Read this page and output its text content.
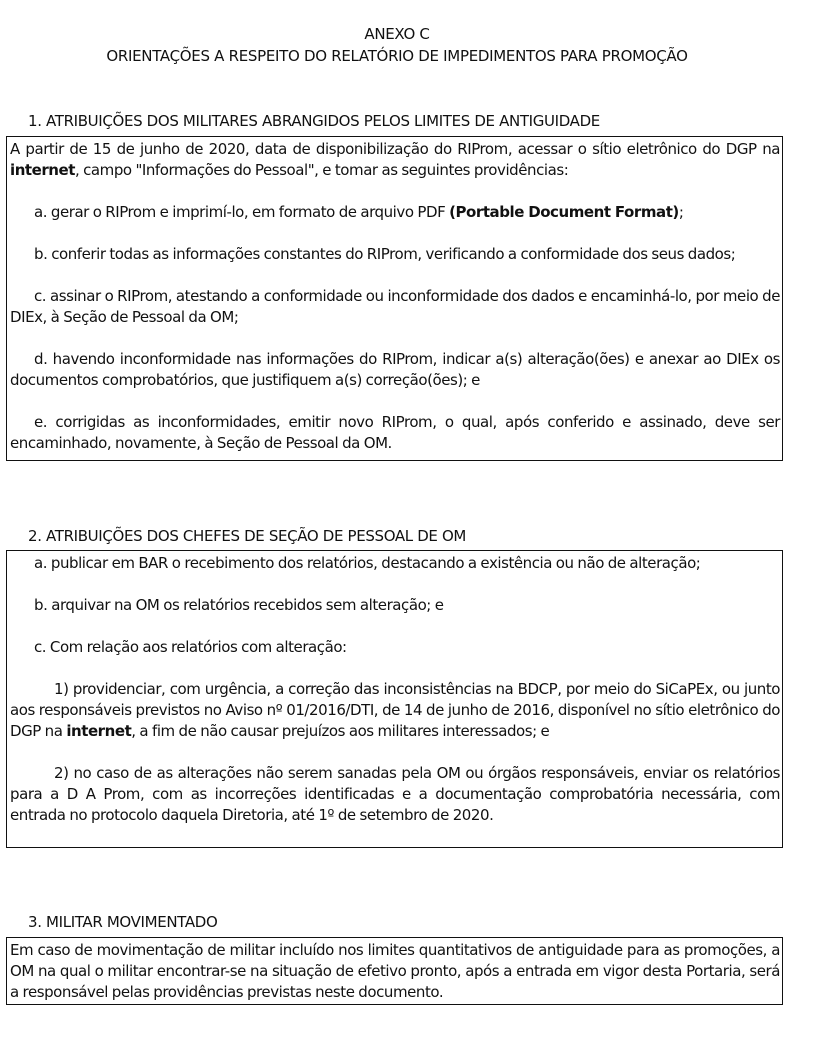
ANEXO C
ORIENTAÇÕES A RESPEITO DO RELATÓRIO DE IMPEDIMENTOS PARA PROMOÇÃO
1. ATRIBUIÇÕES DOS MILITARES ABRANGIDOS PELOS LIMITES DE ANTIGUIDADE

A partir de 15 de junho de 2020, data de disponibilização do RIProm, acessar o sítio eletrônico do DGP na internet, campo "Informações do Pessoal", e tomar as seguintes providências:

a. gerar o RIProm e imprimí-lo, em formato de arquivo PDF (Portable Document Format);

b. conferir todas as informações constantes do RIProm, verificando a conformidade dos seus dados;

c. assinar o RIProm, atestando a conformidade ou inconformidade dos dados e encaminhá-lo, por meio de DIEx, à Seção de Pessoal da OM;

d. havendo inconformidade nas informações do RIProm, indicar a(s) alteração(ões) e anexar ao DIEx os documentos comprobatórios, que justifiquem a(s) correção(ões); e

e. corrigidas as inconformidades, emitir novo RIProm, o qual, após conferido e assinado, deve ser encaminhado, novamente, à Seção de Pessoal da OM.

2. ATRIBUIÇÕES DOS CHEFES DE SEÇÃO DE PESSOAL DE OM

a. publicar em BAR o recebimento dos relatórios, destacando a existência ou não de alteração;

b. arquivar na OM os relatórios recebidos sem alteração; e

c. Com relação aos relatórios com alteração:

1) providenciar, com urgência, a correção das inconsistências na BDCP, por meio do SiCaPEx, ou junto aos responsáveis previstos no Aviso nº 01/2016/DTI, de 14 de junho de 2016, disponível no sítio eletrônico do DGP na internet, a fim de não causar prejuízos aos militares interessados; e

2) no caso de as alterações não serem sanadas pela OM ou órgãos responsáveis, enviar os relatórios para a D A Prom, com as incorreções identificadas e a documentação comprobatória necessária, com entrada no protocolo daquela Diretoria, até 1º de setembro de 2020.

3. MILITAR MOVIMENTADO

Em caso de movimentação de militar incluído nos limites quantitativos de antiguidade para as promoções, a OM na qual o militar encontrar-se na situação de efetivo pronto, após a entrada em vigor desta Portaria, será a responsável pelas providências previstas neste documento.
